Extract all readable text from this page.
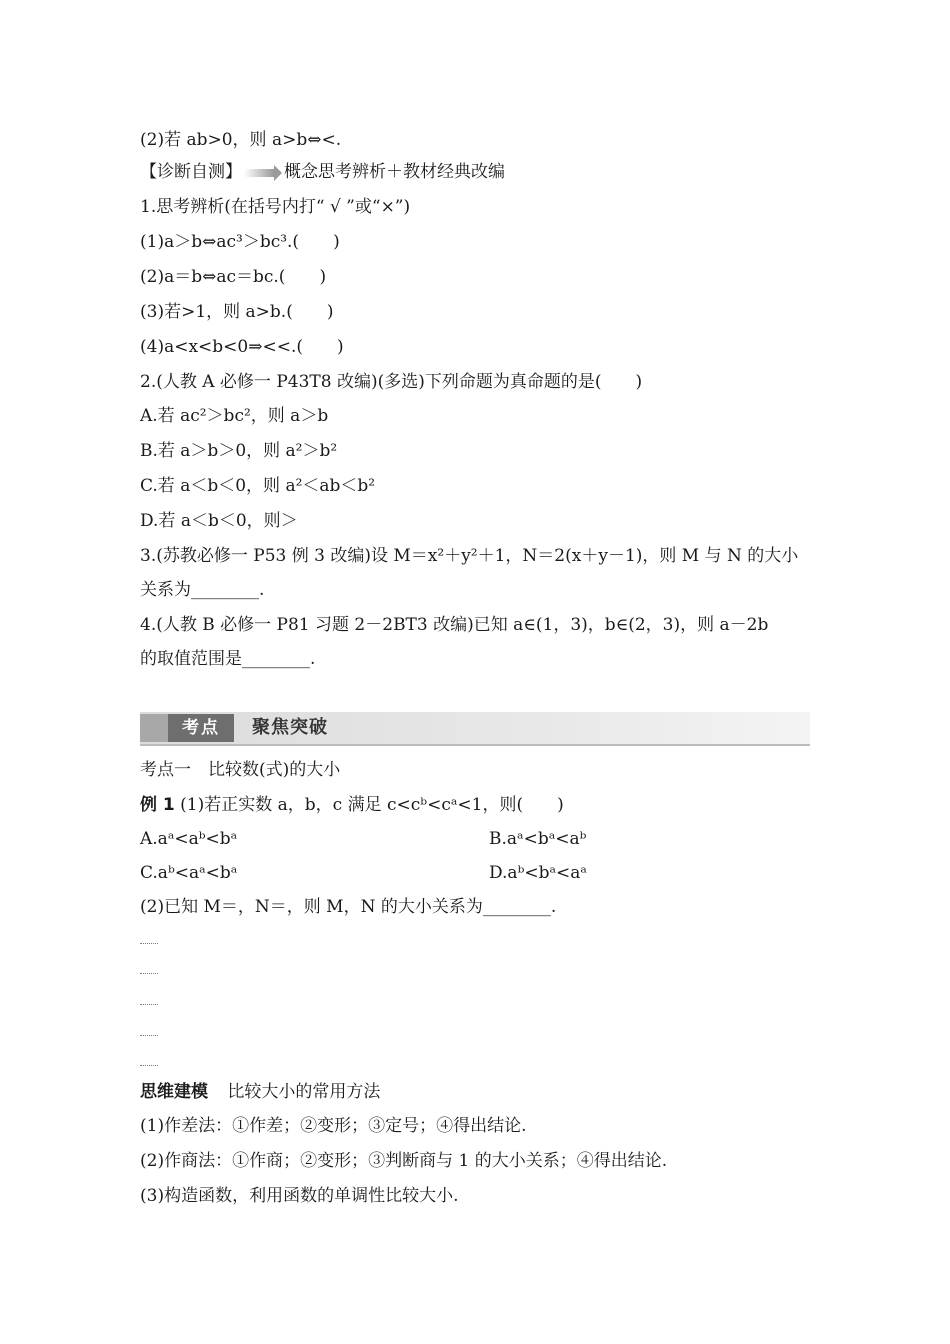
(2)若 ab>0，则 a>b⇔<.
【诊断自测】 概念思考辨析＋教材经典改编
1.思考辨析(在括号内打“ √ ”或“×”)
(1)a＞b⇔ac³＞bc³.(　　)
(2)a＝b⇔ac＝bc.(　　)
(3)若>1，则 a>b.(　　)
(4)a<x<b<0⇒<<.(　　)
2.(人教 A 必修一 P43T8 改编)(多选)下列命题为真命题的是(　　)
A.若 ac²＞bc²，则 a＞b
B.若 a＞b＞0，则 a²＞b²
C.若 a＜b＜0，则 a²＜ab＜b²
D.若 a＜b＜0，则＞
3.(苏教必修一 P53 例 3 改编)设 M＝x²＋y²＋1，N＝2(x＋y－1)，则 M 与 N 的大小
关系为________.
4.(人教 B 必修一 P81 习题 2－2BT3 改编)已知 a∈(1，3)，b∈(2，3)，则 a－2b
的取值范围是________.
考点	聚焦突破
考点一　比较数(式)的大小
例 1 (1)若正实数 a，b，c 满足 c<cᵇ<cᵃ<1，则(　　)
A.aᵃ<aᵇ<bᵃ	B.aᵃ<bᵃ<aᵇ
C.aᵇ<aᵃ<bᵃ	D.aᵇ<bᵃ<aᵃ
(2)已知 M＝，N＝，则 M，N 的大小关系为________.
思维建模 比较大小的常用方法
(1)作差法：①作差；②变形；③定号；④得出结论.
(2)作商法：①作商；②变形；③判断商与 1 的大小关系；④得出结论.
(3)构造函数，利用函数的单调性比较大小.
